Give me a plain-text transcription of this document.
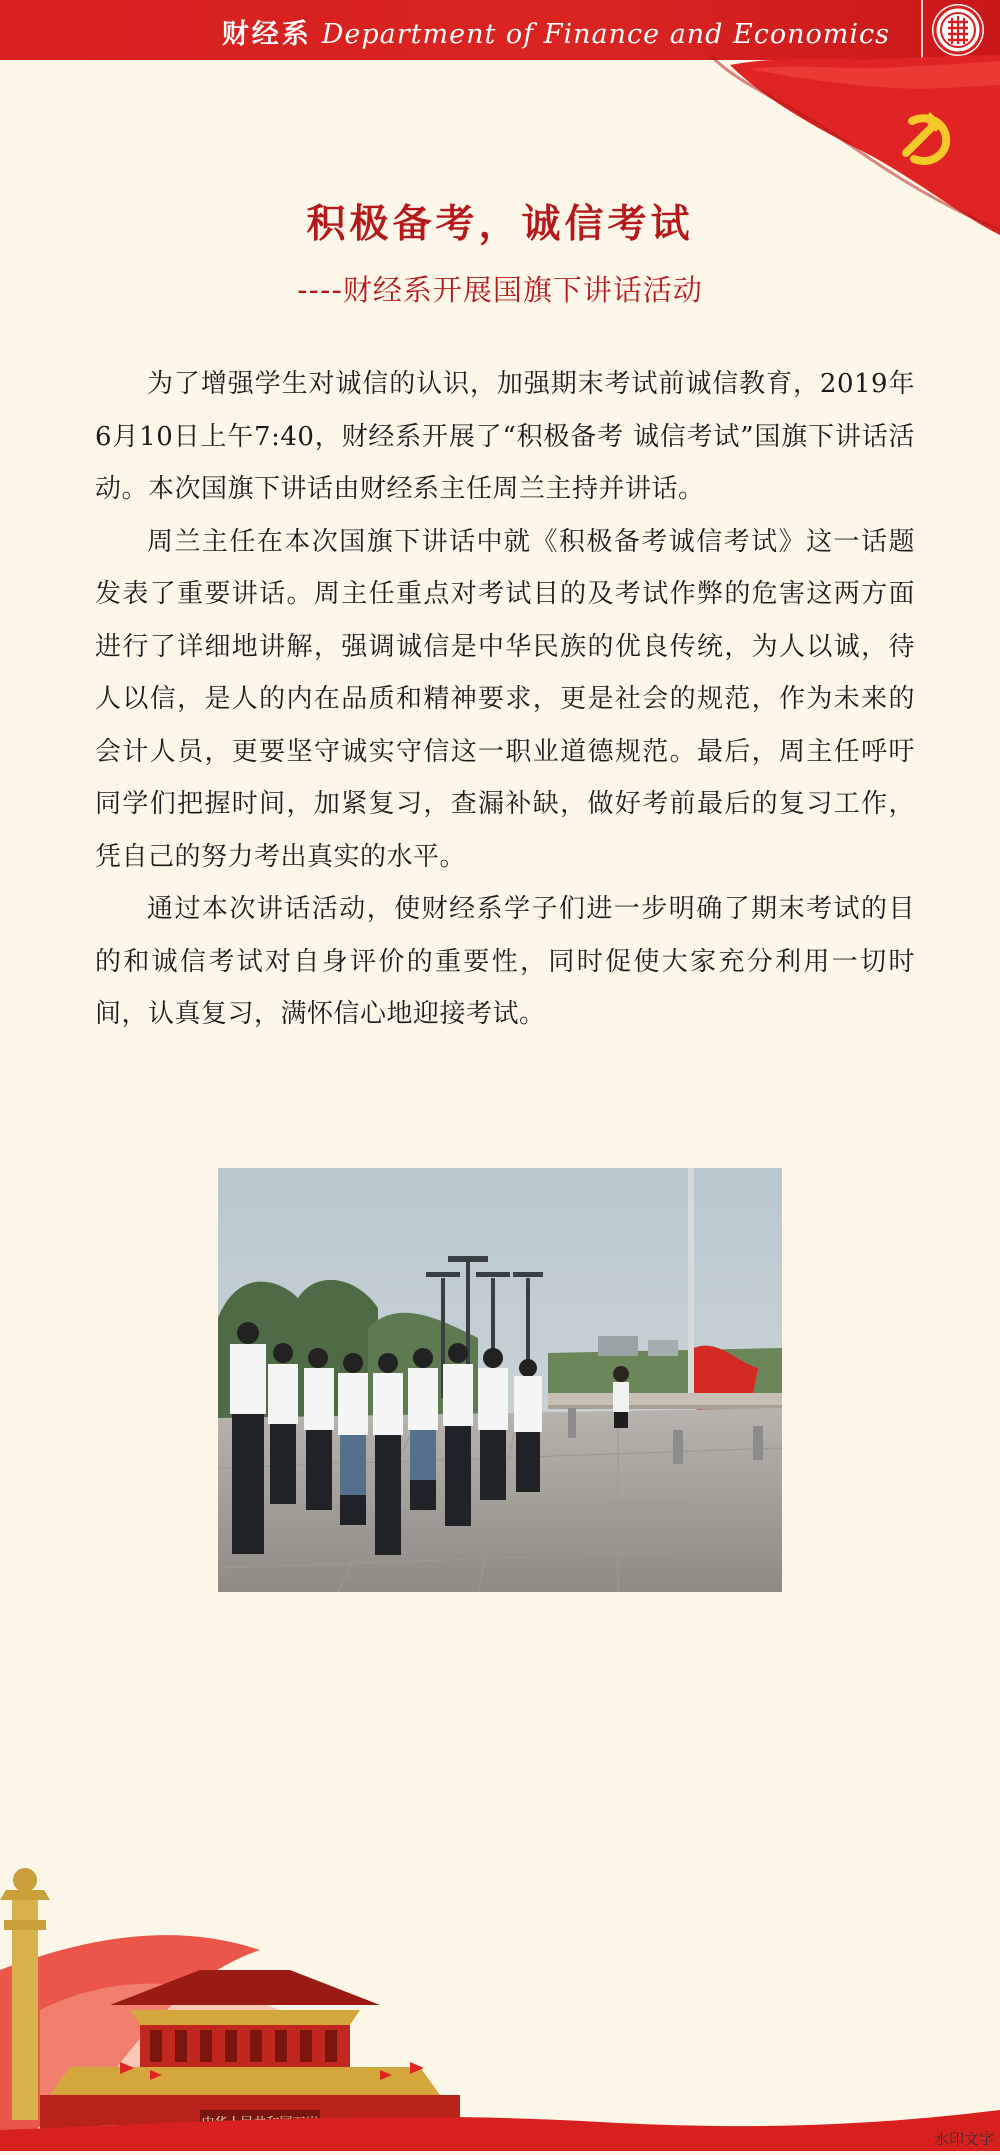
财经系 Department of Finance and Economics
积极备考，诚信考试
----财经系开展国旗下讲话活动

为了增强学生对诚信的认识，加强期末考试前诚信教育，2019年6月10日上午7:40，财经系开展了“积极备考 诚信考试”国旗下讲话活动。本次国旗下讲话由财经系主任周兰主持并讲话。

周兰主任在本次国旗下讲话中就《积极备考诚信考试》这一话题发表了重要讲话。周主任重点对考试目的及考试作弊的危害这两方面进行了详细地讲解，强调诚信是中华民族的优良传统，为人以诚，待人以信，是人的内在品质和精神要求，更是社会的规范，作为未来的会计人员，更要坚守诚实守信这一职业道德规范。最后，周主任呼吁同学们把握时间，加紧复习，查漏补缺，做好考前最后的复习工作，凭自己的努力考出真实的水平。

通过本次讲话活动，使财经系学子们进一步明确了期末考试的目的和诚信考试对自身评价的重要性，同时促使大家充分利用一切时间，认真复习，满怀信心地迎接考试。

水印文字
